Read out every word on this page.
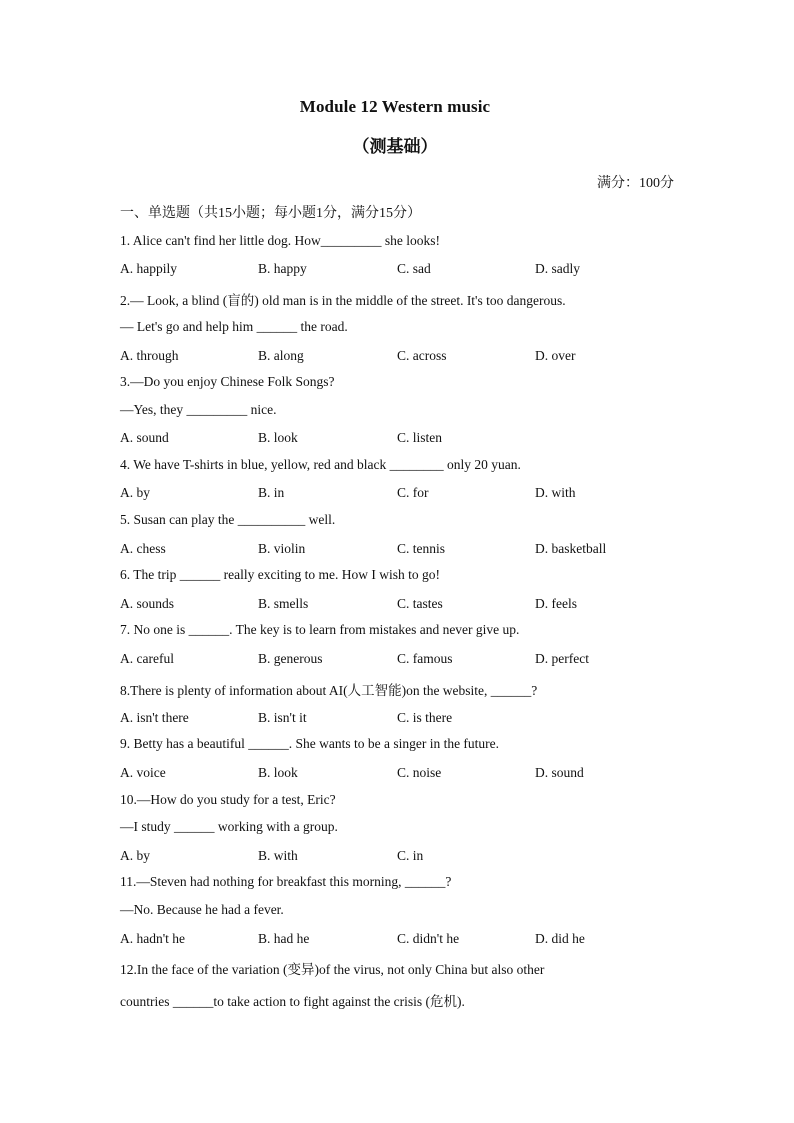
Module 12 Western music
（测基础）
满分：100分
一、单选题（共15小题；每小题1分，满分15分）
1. Alice can't find her little dog. How_________ she looks!
A. happily	B. happy	C. sad	D. sadly
2.— Look, a blind (盲的) old man is in the middle of the street. It's too dangerous.
— Let's go and help him ______ the road.
A. through	B. along	C. across	D. over
3.—Do you enjoy Chinese Folk Songs?
—Yes, they _________ nice.
A. sound	B. look	C. listen
4. We have T-shirts in blue, yellow, red and black ________ only 20 yuan.
A. by	B. in	C. for	D. with
5. Susan can play the __________ well.
A. chess	B. violin	C. tennis	D. basketball
6. The trip ______ really exciting to me. How I wish to go!
A. sounds	B. smells	C. tastes	D. feels
7. No one is ______. The key is to learn from mistakes and never give up.
A. careful	B. generous	C. famous	D. perfect
8.There is plenty of information about AI(人工智能)on the website, ______?
A. isn't there	B. isn't it	C. is there
9. Betty has a beautiful ______. She wants to be a singer in the future.
A. voice	B. look	C. noise	D. sound
10.—How do you study for a test, Eric?
—I study ______ working with a group.
A. by	B. with	C. in
11.—Steven had nothing for breakfast this morning, ______?
—No. Because he had a fever.
A. hadn't he	B. had he	C. didn't he	D. did he
12.In the face of the variation (变异)of the virus, not only China but also other
countries ______to take action to fight against the crisis (危机).
